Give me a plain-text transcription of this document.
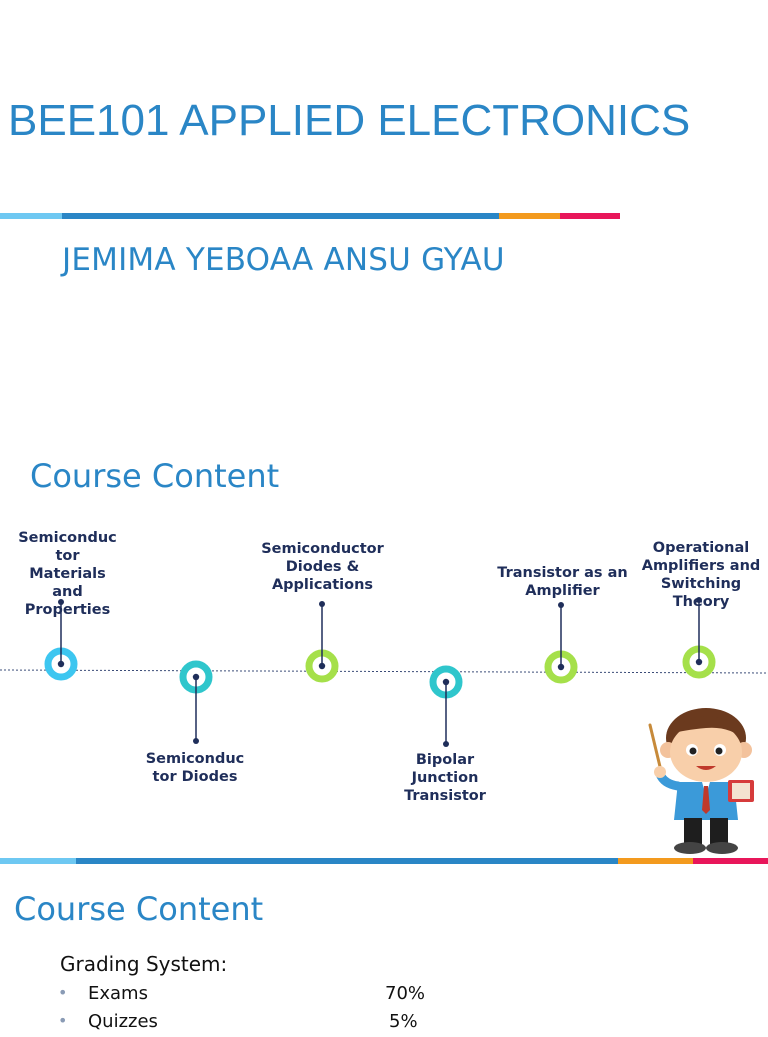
BEE101 APPLIED ELECTRONICS
JEMIMA YEBOAA ANSU GYAU
Course Content
Semiconduc
tor
Materials
and
Properties
Semiconduc
tor Diodes
Semiconductor
Diodes &
Applications
Bipolar
Junction
Transistor
Transistor as an
Amplifier
Operational
Amplifiers and
Switching
Theory
Course Content
Grading System:
• Exams	70%
• Quizzes	5%
